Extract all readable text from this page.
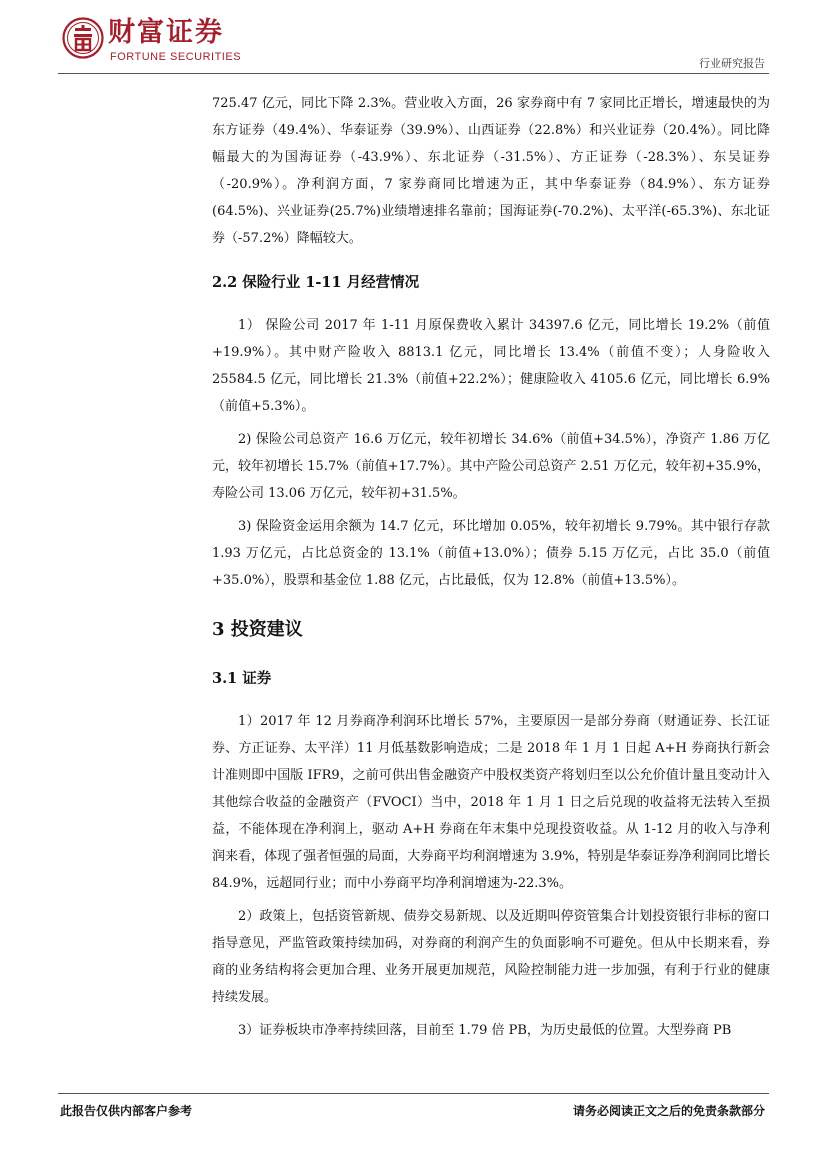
财富证券
FORTUNE SECURITIES	行业研究报告

725.47 亿元，同比下降 2.3%。营业收入方面，26 家券商中有 7 家同比正增长，增速最快的为东方证券（49.4%）、华泰证券（39.9%）、山西证券（22.8%）和兴业证券（20.4%）。同比降幅最大的为国海证券（-43.9%）、东北证券（-31.5%）、方正证券（-28.3%）、东吴证券（-20.9%）。净利润方面，7 家券商同比增速为正，其中华泰证券（84.9%）、东方证券(64.5%)、兴业证券(25.7%)业绩增速排名靠前；国海证券(-70.2%)、太平洋(-65.3%)、东北证券（-57.2%）降幅较大。

2.2 保险行业 1-11 月经营情况

1） 保险公司 2017 年 1-11 月原保费收入累计 34397.6 亿元，同比增长 19.2%（前值+19.9%）。其中财产险收入 8813.1 亿元，同比增长 13.4%（前值不变）；人身险收入 25584.5 亿元，同比增长 21.3%（前值+22.2%）；健康险收入 4105.6 亿元，同比增长 6.9%（前值+5.3%）。

2) 保险公司总资产 16.6 万亿元，较年初增长 34.6%（前值+34.5%），净资产 1.86 万亿元，较年初增长 15.7%（前值+17.7%）。其中产险公司总资产 2.51 万亿元，较年初+35.9%，寿险公司 13.06 万亿元，较年初+31.5%。

3) 保险资金运用余额为 14.7 亿元，环比增加 0.05%，较年初增长 9.79%。其中银行存款 1.93 万亿元，占比总资金的 13.1%（前值+13.0%）；债券 5.15 万亿元，占比 35.0（前值+35.0%），股票和基金位 1.88 亿元，占比最低，仅为 12.8%（前值+13.5%）。

3 投资建议
3.1 证券

1）2017 年 12 月券商净利润环比增长 57%，主要原因一是部分券商（财通证券、长江证券、方正证券、太平洋）11 月低基数影响造成；二是 2018 年 1 月 1 日起 A+H 券商执行新会计准则即中国版 IFR9，之前可供出售金融资产中股权类资产将划归至以公允价值计量且变动计入其他综合收益的金融资产（FVOCI）当中，2018 年 1 月 1 日之后兑现的收益将无法转入至损益，不能体现在净利润上，驱动 A+H 券商在年末集中兑现投资收益。从 1-12 月的收入与净利润来看，体现了强者恒强的局面，大券商平均利润增速为 3.9%，特别是华泰证券净利润同比增长 84.9%，远超同行业；而中小券商平均净利润增速为-22.3%。

2）政策上，包括资管新规、债券交易新规、以及近期叫停资管集合计划投资银行非标的窗口指导意见，严监管政策持续加码，对券商的利润产生的负面影响不可避免。但从中长期来看，券商的业务结构将会更加合理、业务开展更加规范，风险控制能力进一步加强，有利于行业的健康持续发展。

3）证券板块市净率持续回落，目前至 1.79 倍 PB，为历史最低的位置。大型券商 PB

此报告仅供内部客户参考	请务必阅读正文之后的免责条款部分
